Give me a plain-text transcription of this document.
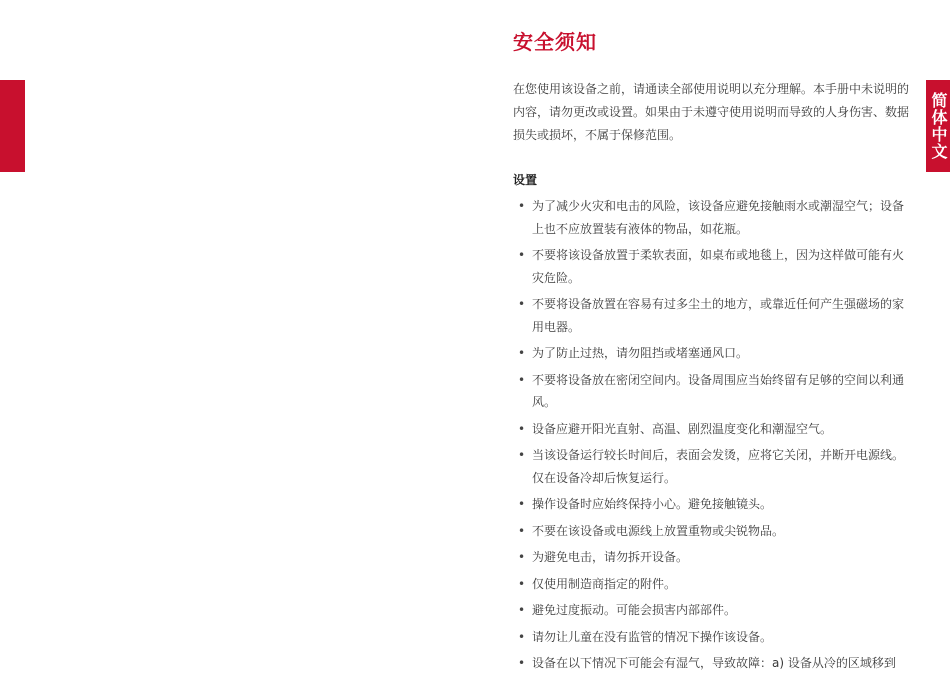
简体中文
安全须知

在您使用该设备之前，请通读全部使用说明以充分理解。本手册中未说明的内容，请勿更改或设置。如果由于未遵守使用说明而导致的人身伤害、数据损失或损坏，不属于保修范围。

设置
• 为了减少火灾和电击的风险，该设备应避免接触雨水或潮湿空气；设备上也不应放置装有液体的物品，如花瓶。
• 不要将该设备放置于柔软表面，如桌布或地毯上，因为这样做可能有火灾危险。
• 不要将设备放置在容易有过多尘土的地方，或靠近任何产生强磁场的家用电器。
• 为了防止过热，请勿阻挡或堵塞通风口。
• 不要将设备放在密闭空间内。设备周围应当始终留有足够的空间以利通风。
• 设备应避开阳光直射、高温、剧烈温度变化和潮湿空气。
• 当该设备运行较长时间后，表面会发烫，应将它关闭，并断开电源线。仅在设备冷却后恢复运行。
• 操作设备时应始终保持小心。避免接触镜头。
• 不要在该设备或电源线上放置重物或尖锐物品。
• 为避免电击，请勿拆开设备。
• 仅使用制造商指定的附件。
• 避免过度振动。可能会损害内部部件。
• 请勿让儿童在没有监管的情况下操作该设备。
• 设备在以下情况下可能会有湿气，导致故障：a) 设备从冷的区域移到
